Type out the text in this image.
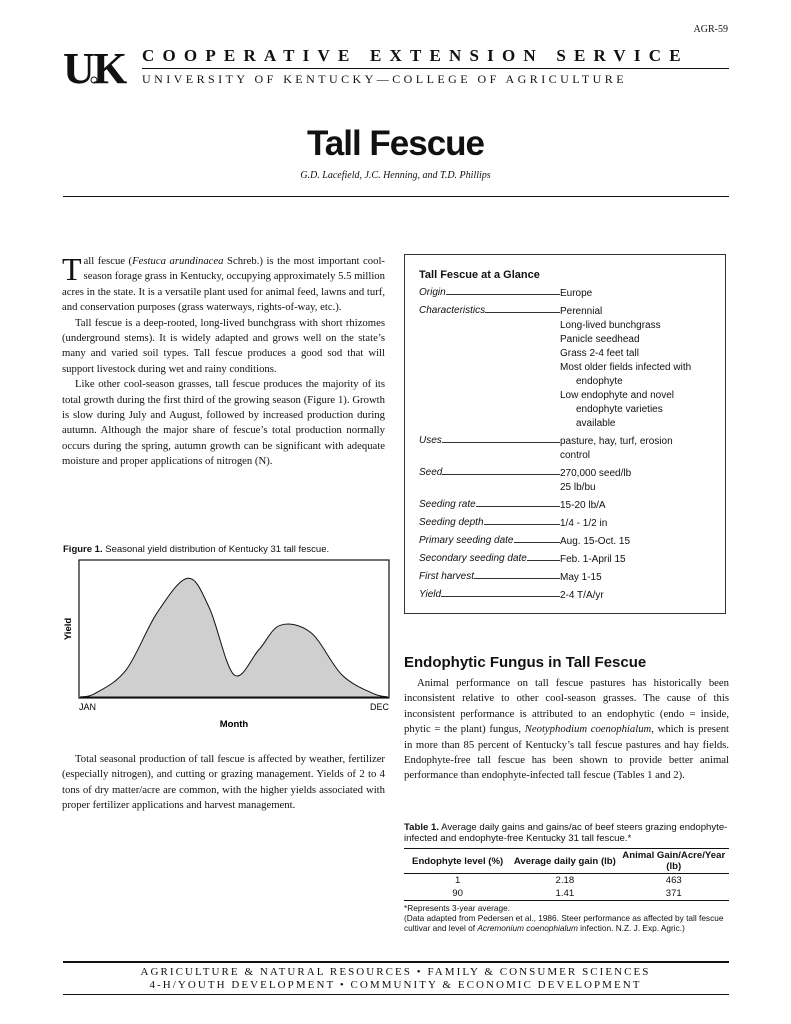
AGR-59
U
K COOPERATIVE EXTENSION SERVICE
UNIVERSITY OF KENTUCKY—COLLEGE OF AGRICULTURE
Tall Fescue
G.D. Lacefield, J.C. Henning, and T.D. Phillips

Tall fescue (Festuca arundinacea Schreb.) is the most important cool-season forage grass in Kentucky, occupying approximately 5.5 million acres in the state. It is a versatile plant used for animal feed, lawns and turf, and conservation purposes (grass waterways, rights-of-way, etc.).

Tall fescue is a deep-rooted, long-lived bunchgrass with short rhizomes (underground stems). It is widely adapted and grows well on the state’s many and varied soil types. Tall fescue produces a good sod that will support livestock during wet and rainy conditions.

Like other cool-season grasses, tall fescue produces the majority of its total growth during the first third of the growing season (Figure 1). Growth is slow during July and August, followed by increased production during autumn. Although the major share of fescue’s total production normally occurs during the spring, autumn growth can be significant with adequate moisture and proper applications of nitrogen (N).

Figure 1. Seasonal yield distribution of Kentucky 31 tall fescue.
Yield
JAN	DEC
Month

Total seasonal production of tall fescue is affected by weather, fertilizer (especially nitrogen), and cutting or grazing management. Yields of 2 to 4 tons of dry matter/acre are common, with the higher yields associated with proper fertilizer applications and harvest management.

Tall Fescue at a Glance
Origin	Europe
Characteristics	Perennial
Long-lived bunchgrass
Panicle seedhead
Grass 2-4 feet tall
Most older fields infected with
endophyte
Low endophyte and novel
endophyte varieties
available
Uses	pasture, hay, turf, erosion
control
Seed	270,000 seed/lb
25 lb/bu
Seeding rate	15-20 lb/A
Seeding depth	1/4 - 1/2 in
Primary seeding date	Aug. 15-Oct. 15
Secondary seeding date	Feb. 1-April 15
First harvest	May 1-15
Yield	2-4 T/A/yr
Endophytic Fungus in Tall Fescue

Animal performance on tall fescue pastures has historically been inconsistent relative to other cool-season grasses. The cause of this inconsistent performance is attributed to an endophytic (endo = inside, phytic = the plant) fungus, Neotyphodium coenophialum, which is present in more than 85 percent of Kentucky’s tall fescue pastures and hay fields. Endophyte-free tall fescue has been shown to provide better animal performance than endophyte-infected tall fescue (Tables 1 and 2).

Table 1. Average daily gains and gains/ac of beef steers grazing endophyte-infected and endophyte-free Kentucky 31 tall fescue.*
Endophyte level (%)	Average daily gain (lb)	Animal Gain/Acre/Year (lb)
1	2.18	463
90	1.41	371
*Represents 3-year average.
(Data adapted from Pedersen et al., 1986. Steer performance as affected by tall fescue cultivar and level of Acremonium coenophialum infection. N.Z. J. Exp. Agric.)
AGRICULTURE & NATURAL RESOURCES • FAMILY & CONSUMER SCIENCES
4-H/YOUTH DEVELOPMENT • COMMUNITY & ECONOMIC DEVELOPMENT
